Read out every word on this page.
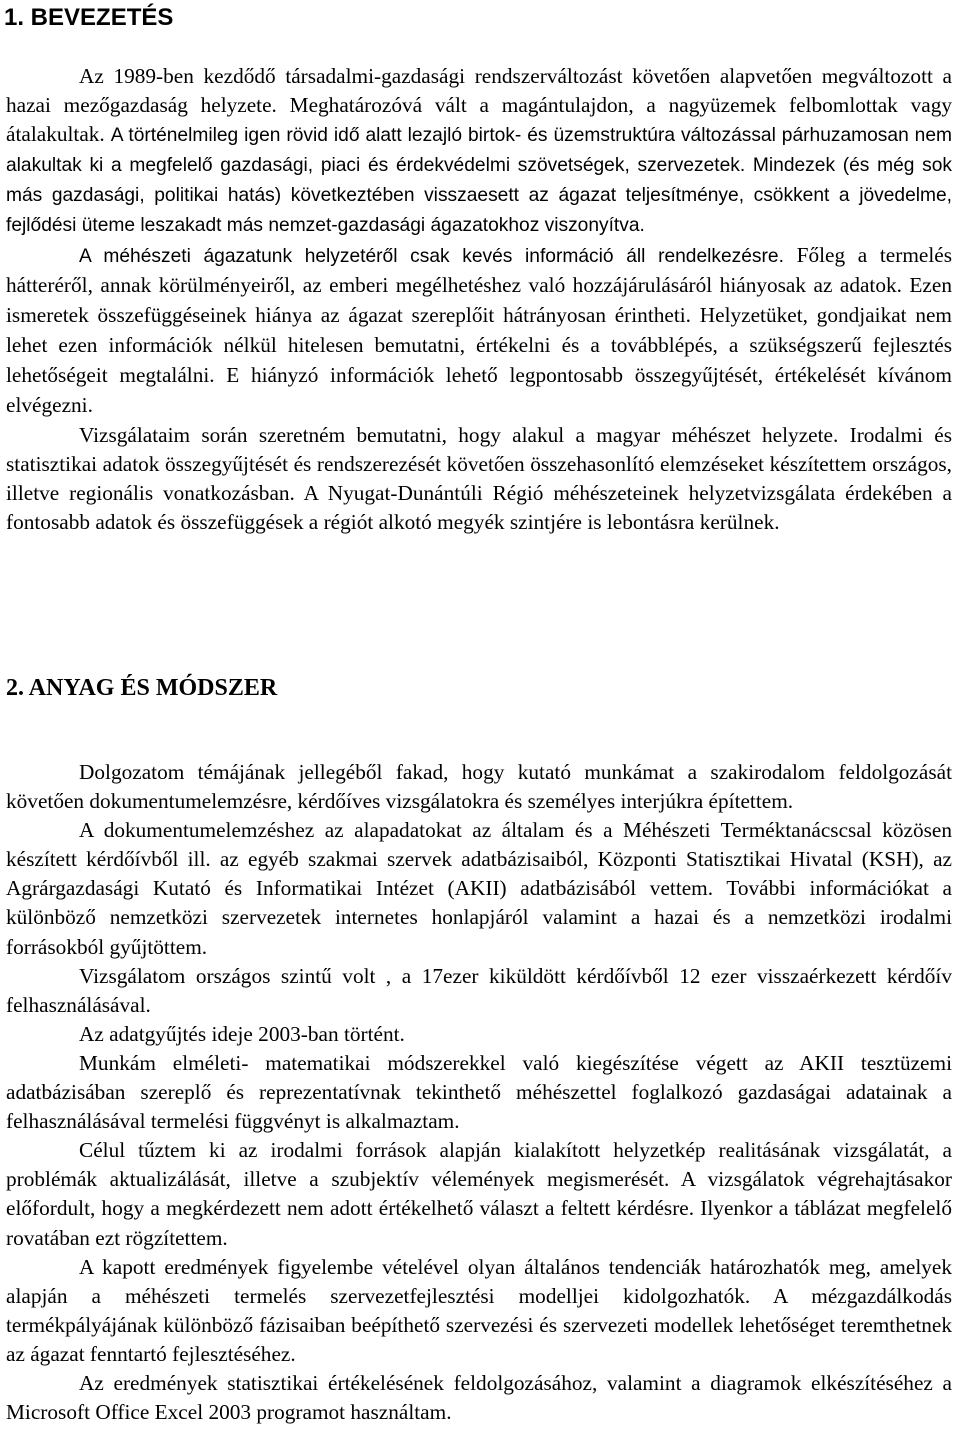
1. BEVEZETÉS

Az 1989-ben kezdődő társadalmi-gazdasági rendszerváltozást követően alapvetően megváltozott a hazai mezőgazdaság helyzete. Meghatározóvá vált a magántulajdon, a nagyüzemek felbomlottak vagy átalakultak. A történelmileg igen rövid idő alatt lezajló birtok- és üzemstruktúra változással párhuzamosan nem alakultak ki a megfelelő gazdasági, piaci és érdekvédelmi szövetségek, szervezetek. Mindezek (és még sok más gazdasági, politikai hatás) következtében visszaesett az ágazat teljesítménye, csökkent a jövedelme, fejlődési üteme leszakadt más nemzet-gazdasági ágazatokhoz viszonyítva.

A méhészeti ágazatunk helyzetéről csak kevés információ áll rendelkezésre. Főleg a termelés hátteréről, annak körülményeiről, az emberi megélhetéshez való hozzájárulásáról hiányosak az adatok. Ezen ismeretek összefüggéseinek hiánya az ágazat szereplőit hátrányosan érintheti. Helyzetüket, gondjaikat nem lehet ezen információk nélkül hitelesen bemutatni, értékelni és a továbblépés, a szükségszerű fejlesztés lehetőségeit megtalálni. E hiányzó információk lehető legpontosabb összegyűjtését, értékelését kívánom elvégezni.

Vizsgálataim során szeretném bemutatni, hogy alakul a magyar méhészet helyzete. Irodalmi és statisztikai adatok összegyűjtését és rendszerezését követően összehasonlító elemzéseket készítettem országos, illetve regionális vonatkozásban. A Nyugat-Dunántúli Régió méhészeteinek helyzetvizsgálata érdekében a fontosabb adatok és összefüggések a régiót alkotó megyék szintjére is lebontásra kerülnek.

2. ANYAG ÉS MÓDSZER

Dolgozatom témájának jellegéből fakad, hogy kutató munkámat a szakirodalom feldolgozását követően dokumentumelemzésre, kérdőíves vizsgálatokra és személyes interjúkra építettem.

A dokumentumelemzéshez az alapadatokat az általam és a Méhészeti Terméktanácscsal közösen készített kérdőívből ill. az egyéb szakmai szervek adatbázisaiból, Központi Statisztikai Hivatal (KSH), az Agrárgazdasági Kutató és Informatikai Intézet (AKII) adatbázisából vettem. További információkat a különböző nemzetközi szervezetek internetes honlapjáról valamint a hazai és a nemzetközi irodalmi forrásokból gyűjtöttem.

Vizsgálatom országos szintű volt , a 17ezer kiküldött kérdőívből 12 ezer visszaérkezett kérdőív felhasználásával.

Az adatgyűjtés ideje 2003-ban történt.

Munkám elméleti- matematikai módszerekkel való kiegészítése végett az AKII tesztüzemi adatbázisában szereplő és reprezentatívnak tekinthető méhészettel foglalkozó gazdaságai adatainak a felhasználásával termelési függvényt is alkalmaztam.

Célul tűztem ki az irodalmi források alapján kialakított helyzetkép realitásának vizsgálatát, a problémák aktualizálását, illetve a szubjektív vélemények megismerését. A vizsgálatok végrehajtásakor előfordult, hogy a megkérdezett nem adott értékelhető választ a feltett kérdésre. Ilyenkor a táblázat megfelelő rovatában ezt rögzítettem.

A kapott eredmények figyelembe vételével olyan általános tendenciák határozhatók meg, amelyek alapján a méhészeti termelés szervezetfejlesztési modelljei kidolgozhatók. A mézgazdálkodás termékpályájának különböző fázisaiban beépíthető szervezési és szervezeti modellek lehetőséget teremthetnek az ágazat fenntartó fejlesztéséhez.

Az eredmények statisztikai értékelésének feldolgozásához, valamint a diagramok elkészítéséhez a Microsoft Office Excel 2003 programot használtam.
